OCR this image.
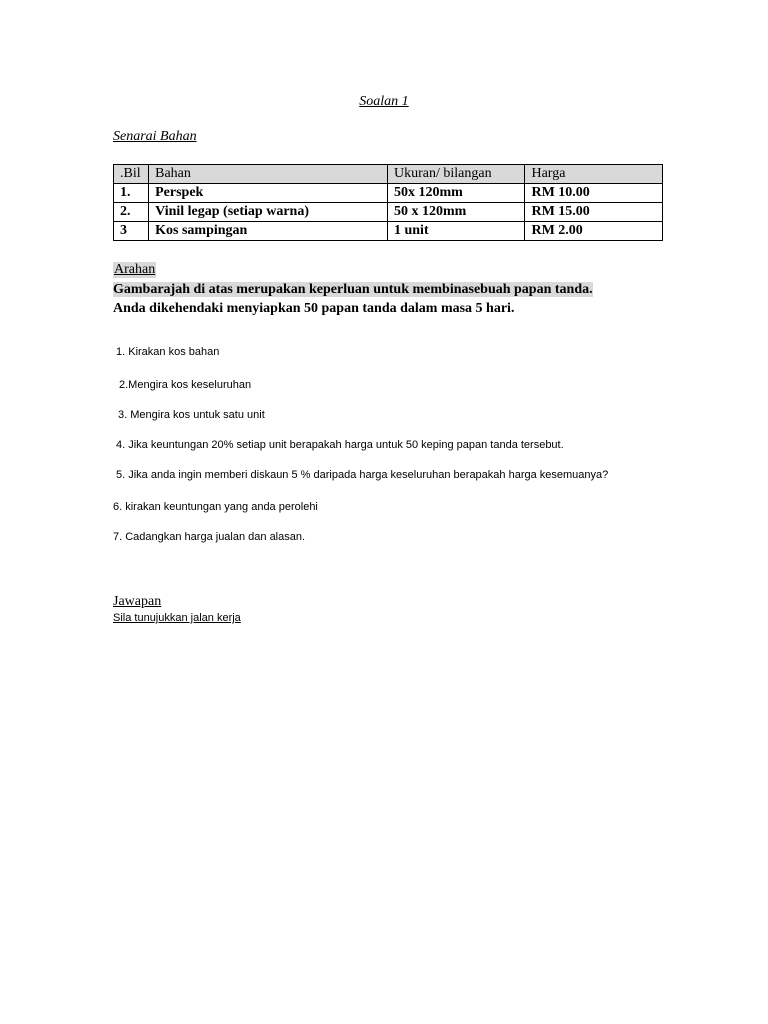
Soalan 1
Senarai Bahan
.Bil	Bahan	Ukuran/ bilangan	Harga
1.	Perspek	50x 120mm	RM 10.00
2.	Vinil legap (setiap warna)	50 x 120mm	RM 15.00
3	Kos sampingan	1 unit	RM 2.00
Arahan
Gambarajah di atas merupakan keperluan untuk membinasebuah papan tanda.
Anda dikehendaki menyiapkan 50 papan tanda dalam masa 5 hari.
1. Kirakan kos bahan
2.Mengira kos keseluruhan
3. Mengira kos untuk satu unit
4. Jika keuntungan 20% setiap unit berapakah harga untuk 50 keping papan tanda tersebut.
5. Jika anda ingin memberi diskaun 5 % daripada harga keseluruhan berapakah harga kesemuanya?
6. kirakan keuntungan yang anda perolehi
7. Cadangkan harga jualan dan alasan.
Jawapan
Sila tunujukkan jalan kerja
